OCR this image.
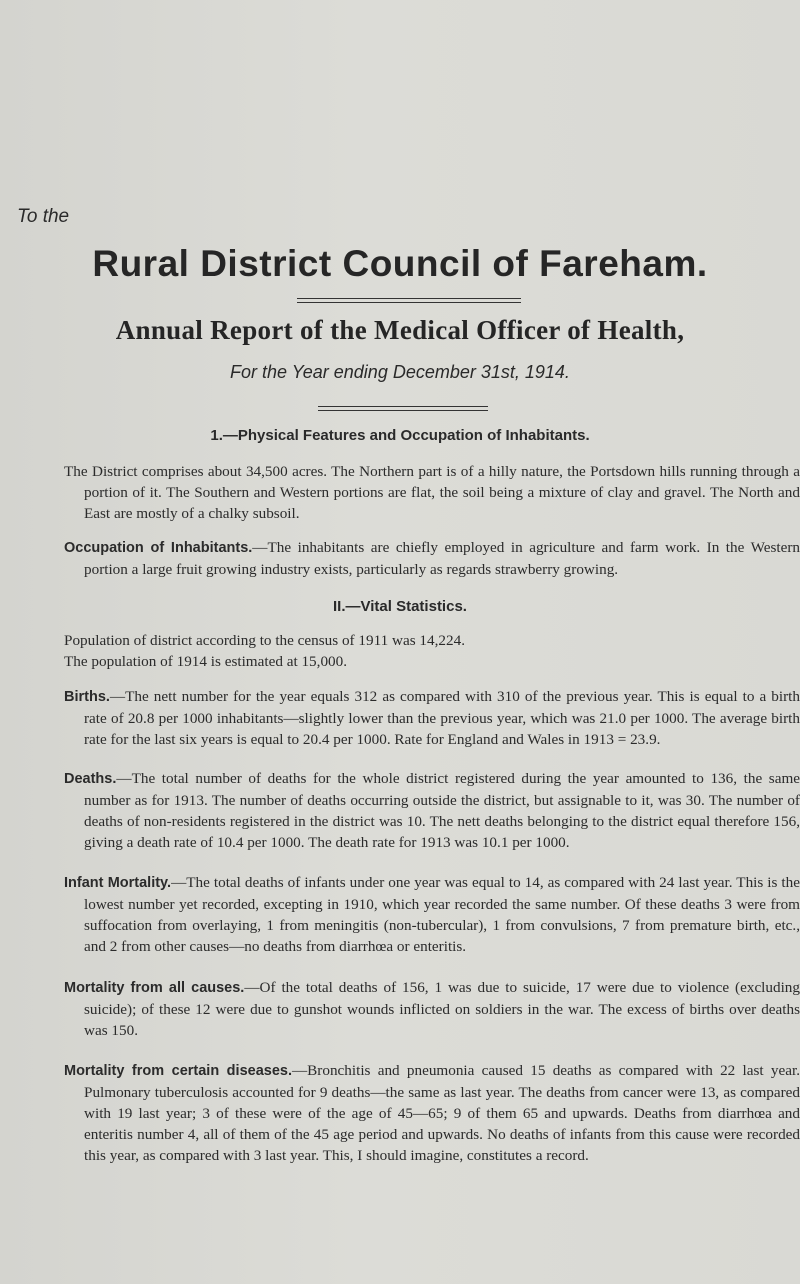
To the
Rural District Council of Fareham.
Annual Report of the Medical Officer of Health,
For the Year ending December 31st, 1914.
1.—Physical Features and Occupation of Inhabitants.

The District comprises about 34,500 acres. The Northern part is of a hilly nature, the Portsdown hills running through a portion of it. The Southern and Western portions are flat, the soil being a mixture of clay and gravel. The North and East are mostly of a chalky subsoil.

Occupation of Inhabitants.—The inhabitants are chiefly employed in agriculture and farm work. In the Western portion a large fruit growing industry exists, particularly as regards strawberry growing.

II.—Vital Statistics.

Population of district according to the census of 1911 was 14,224.

The population of 1914 is estimated at 15,000.

Births.—The nett number for the year equals 312 as compared with 310 of the previous year. This is equal to a birth rate of 20.8 per 1000 inhabitants—slightly lower than the previous year, which was 21.0 per 1000. The average birth rate for the last six years is equal to 20.4 per 1000. Rate for England and Wales in 1913 = 23.9.

Deaths.—The total number of deaths for the whole district registered during the year amounted to 136, the same number as for 1913. The number of deaths occurring outside the district, but assignable to it, was 30. The number of deaths of non-residents registered in the district was 10. The nett deaths belonging to the district equal therefore 156, giving a death rate of 10.4 per 1000. The death rate for 1913 was 10.1 per 1000.

Infant Mortality.—The total deaths of infants under one year was equal to 14, as compared with 24 last year. This is the lowest number yet recorded, excepting in 1910, which year recorded the same number. Of these deaths 3 were from suffocation from overlaying, 1 from meningitis (non-tubercular), 1 from convulsions, 7 from premature birth, etc., and 2 from other causes—no deaths from diarrhœa or enteritis.

Mortality from all causes.—Of the total deaths of 156, 1 was due to suicide, 17 were due to violence (excluding suicide); of these 12 were due to gunshot wounds inflicted on soldiers in the war. The excess of births over deaths was 150.

Mortality from certain diseases.—Bronchitis and pneumonia caused 15 deaths as compared with 22 last year. Pulmonary tuberculosis accounted for 9 deaths—the same as last year. The deaths from cancer were 13, as compared with 19 last year; 3 of these were of the age of 45—65; 9 of them 65 and upwards. Deaths from diarrhœa and enteritis number 4, all of them of the 45 age period and upwards. No deaths of infants from this cause were recorded this year, as compared with 3 last year. This, I should imagine, constitutes a record.
